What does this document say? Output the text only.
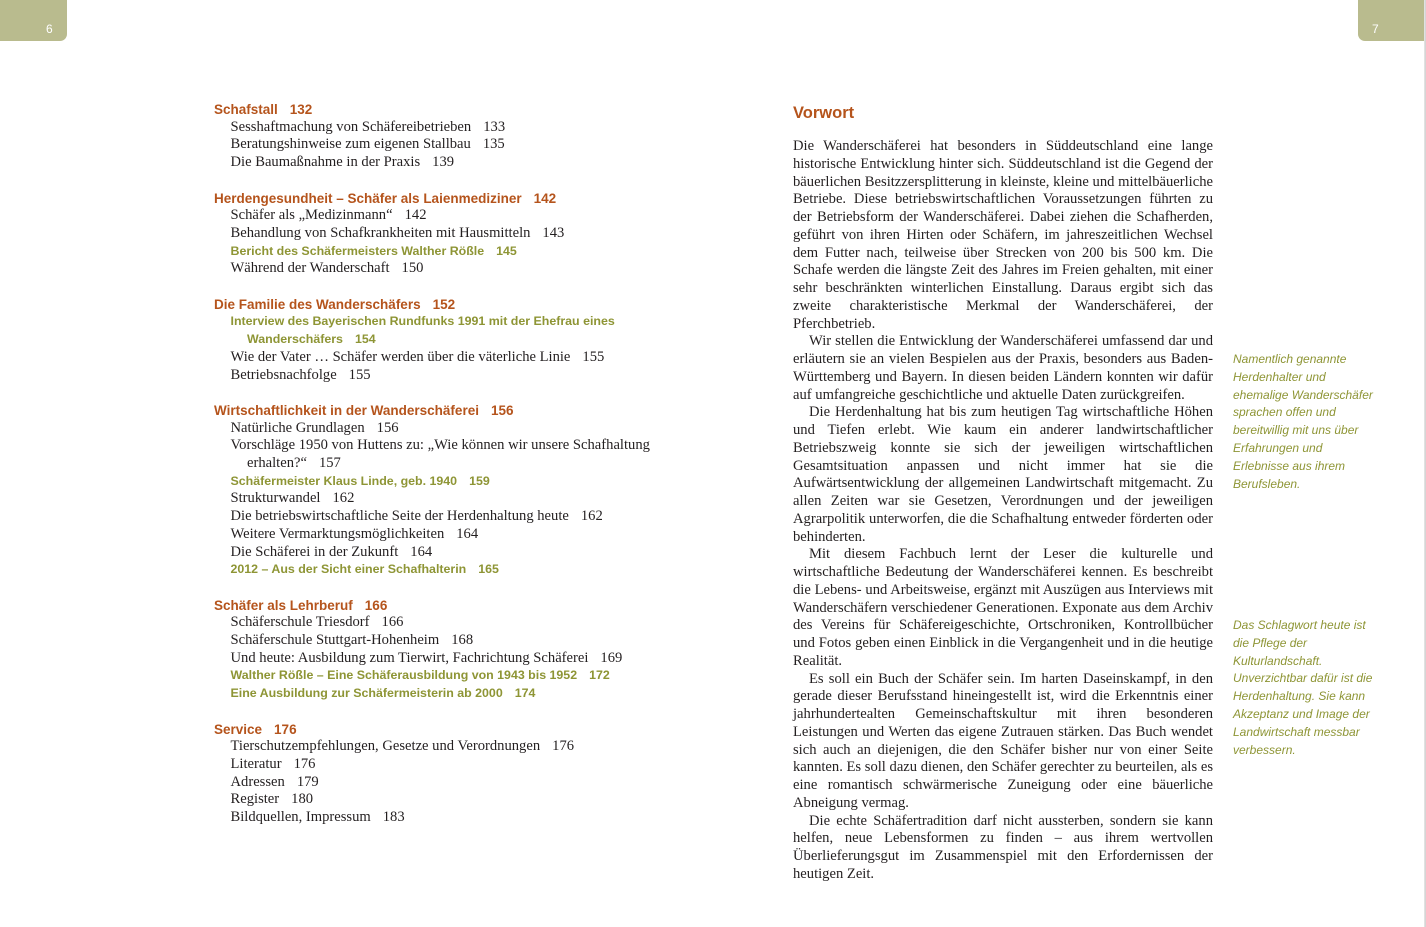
6	7
Schafstall 132
Sesshaftmachung von Schäfereibetrieben 133
Beratungshinweise zum eigenen Stallbau 135
Die Baumaßnahme in der Praxis 139
Herdengesundheit – Schäfer als Laienmediziner 142
Schäfer als „Medizinmann“ 142
Behandlung von Schafkrankheiten mit Hausmitteln 143
Bericht des Schäfermeisters Walther Rößle 145
Während der Wanderschaft 150
Die Familie des Wanderschäfers 152
Interview des Bayerischen Rundfunks 1991 mit der Ehefrau eines Wanderschäfers 154
Wie der Vater … Schäfer werden über die väterliche Linie 155
Betriebsnachfolge 155
Wirtschaftlichkeit in der Wanderschäferei 156
Natürliche Grundlagen 156
Vorschläge 1950 von Huttens zu: „Wie können wir unsere Schafhaltung erhalten?“ 157
Schäfermeister Klaus Linde, geb. 1940 159
Strukturwandel 162
Die betriebswirtschaftliche Seite der Herdenhaltung heute 162
Weitere Vermarktungsmöglichkeiten 164
Die Schäferei in der Zukunft 164
2012 – Aus der Sicht einer Schafhalterin 165
Schäfer als Lehrberuf 166
Schäferschule Triesdorf 166
Schäferschule Stuttgart-Hohenheim 168
Und heute: Ausbildung zum Tierwirt, Fachrichtung Schäferei 169
Walther Rößle – Eine Schäferausbildung von 1943 bis 1952 172
Eine Ausbildung zur Schäfermeisterin ab 2000 174
Service 176
Tierschutzempfehlungen, Gesetze und Verordnungen 176
Literatur 176
Adressen 179
Register 180
Bildquellen, Impressum 183
Vorwort

Die Wanderschäferei hat besonders in Süddeutschland eine lange historische Entwicklung hinter sich. Süddeutschland ist die Gegend der bäuerlichen Besitzzersplitterung in kleinste, kleine und mittelbäuerliche Betriebe. Diese betriebswirtschaftlichen Voraussetzungen führten zu der Betriebsform der Wanderschäferei. Dabei ziehen die Schafherden, geführt von ihren Hirten oder Schäfern, im jahreszeitlichen Wechsel dem Futter nach, teilweise über Strecken von 200 bis 500 km. Die Schafe werden die längste Zeit des Jahres im Freien gehalten, mit einer sehr beschränkten winterlichen Einstallung. Daraus ergibt sich das zweite charakteristische Merkmal der Wanderschäferei, der Pferchbetrieb.

Wir stellen die Entwicklung der Wanderschäferei umfassend dar und erläutern sie an vielen Bespielen aus der Praxis, besonders aus Baden-Württemberg und Bayern. In diesen beiden Ländern konnten wir dafür auf umfangreiche geschichtliche und aktuelle Daten zurückgreifen.

Die Herdenhaltung hat bis zum heutigen Tag wirtschaftliche Höhen und Tiefen erlebt. Wie kaum ein anderer landwirtschaftlicher Betriebszweig konnte sie sich der jeweiligen wirtschaftlichen Gesamtsituation anpassen und nicht immer hat sie die Aufwärtsentwicklung der allgemeinen Landwirtschaft mitgemacht. Zu allen Zeiten war sie Gesetzen, Verordnungen und der jeweiligen Agrarpolitik unterworfen, die die Schafhaltung entweder förderten oder behinderten.

Mit diesem Fachbuch lernt der Leser die kulturelle und wirtschaftliche Bedeutung der Wanderschäferei kennen. Es beschreibt die Lebens- und Arbeitsweise, ergänzt mit Auszügen aus Interviews mit Wanderschäfern verschiedener Generationen. Exponate aus dem Archiv des Vereins für Schäfereigeschichte, Ortschroniken, Kontrollbücher und Fotos geben einen Einblick in die Vergangenheit und in die heutige Realität.

Es soll ein Buch der Schäfer sein. Im harten Daseinskampf, in den gerade dieser Berufsstand hineingestellt ist, wird die Erkenntnis einer jahrhundertealten Gemeinschaftskultur mit ihren besonderen Leistungen und Werten das eigene Zutrauen stärken. Das Buch wendet sich auch an diejenigen, die den Schäfer bisher nur von einer Seite kannten. Es soll dazu dienen, den Schäfer gerechter zu beurteilen, als es eine romantisch schwärmerische Zuneigung oder eine bäuerliche Abneigung vermag.

Die echte Schäfertradition darf nicht aussterben, sondern sie kann helfen, neue Lebensformen zu finden – aus ihrem wertvollen Überlieferungsgut im Zusammenspiel mit den Erfordernissen der heutigen Zeit.

Namentlich genannte Herdenhalter und ehemalige Wanderschäfer sprachen offen und bereitwillig mit uns über Erfahrungen und Erlebnisse aus ihrem Berufsleben.
Das Schlagwort heute ist die Pflege der Kulturlandschaft. Unverzichtbar dafür ist die Herdenhaltung. Sie kann Akzeptanz und Image der Landwirtschaft messbar verbessern.
